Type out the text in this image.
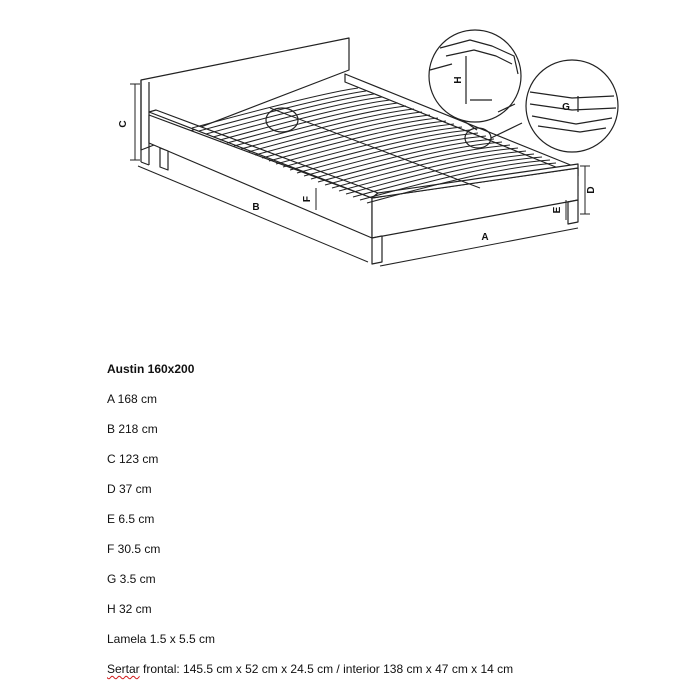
C
B
A
D
E
F
G
H
Austin 160x200
A 168 cm
B 218 cm
C 123 cm
D 37 cm
E 6.5 cm
F 30.5 cm
G 3.5 cm
H 32 cm
Lamela 1.5 x 5.5 cm
Sertar frontal: 145.5 cm x 52 cm x 24.5 cm / interior 138 cm x 47 cm x 14 cm
